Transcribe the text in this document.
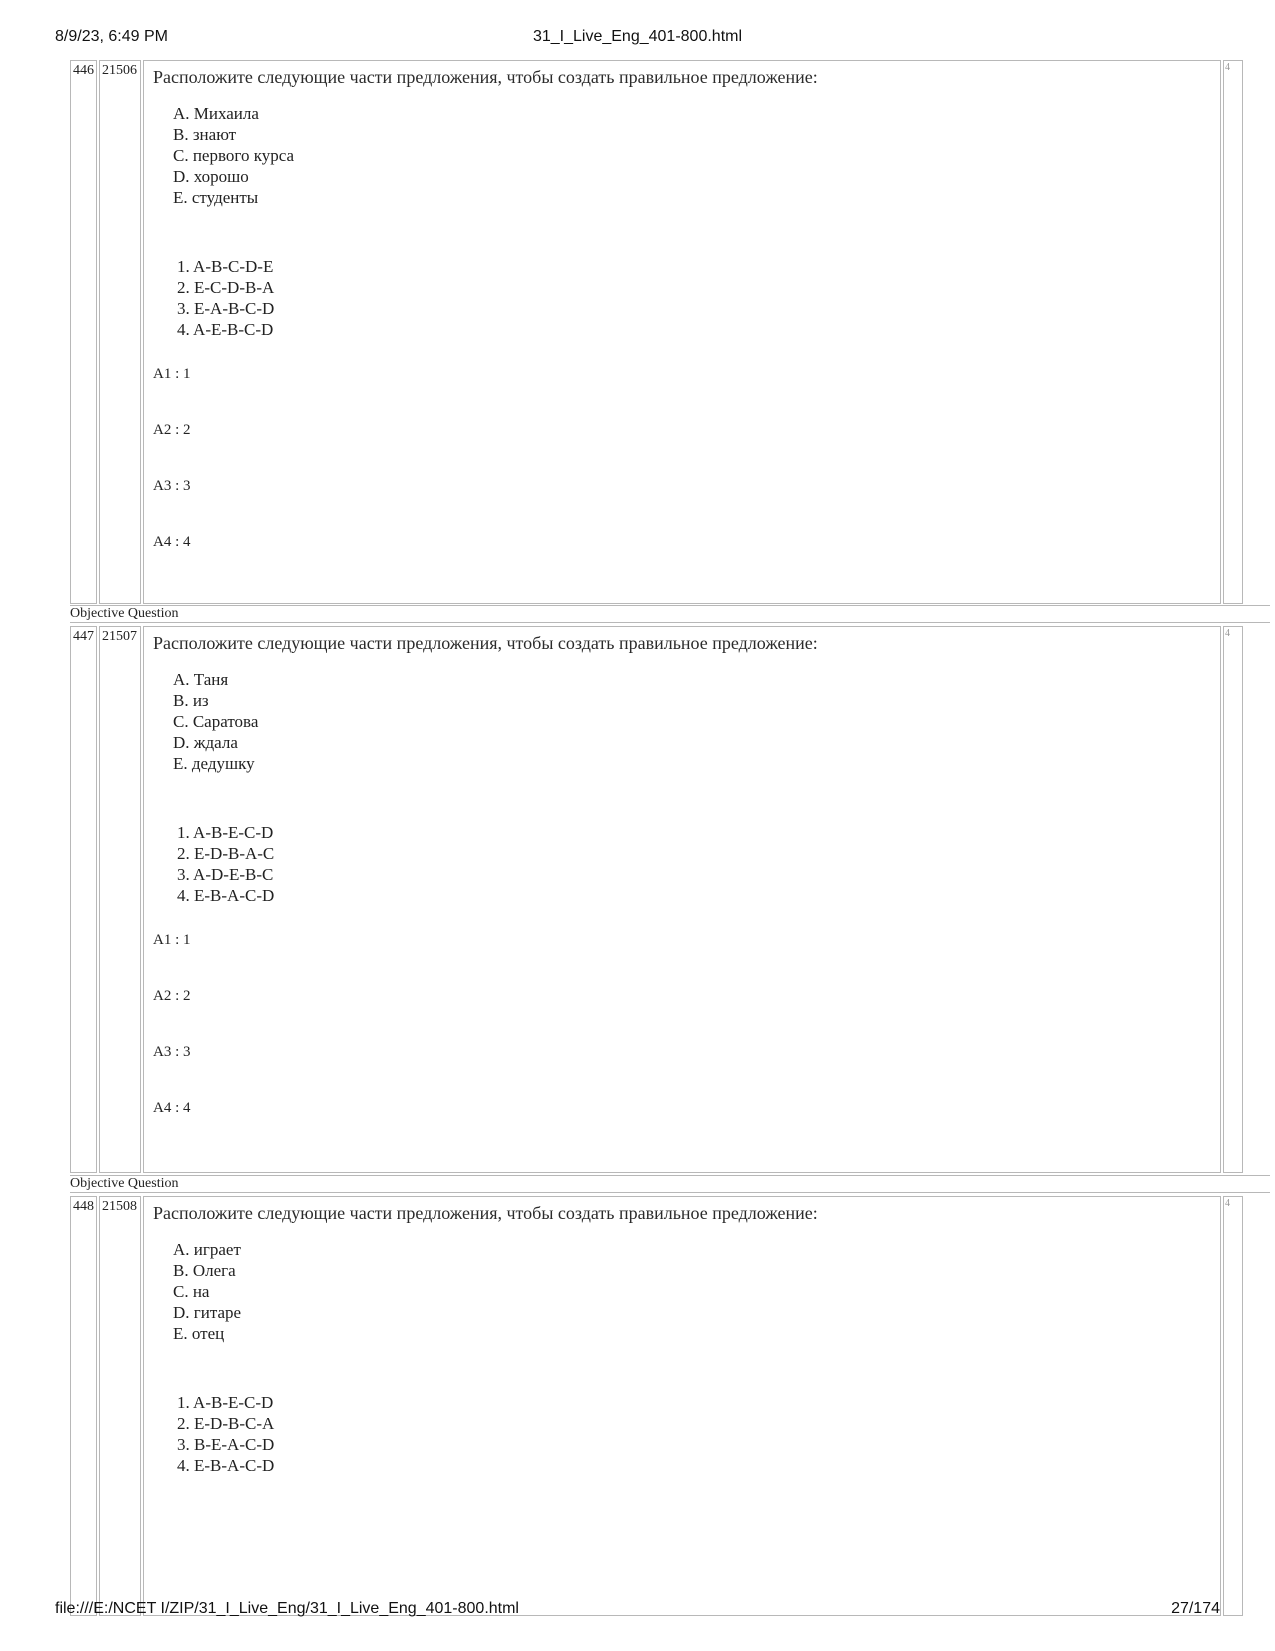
8/9/23, 6:49 PM	31_I_Live_Eng_401-800.html
446 21506 Расположите следующие части предложения, чтобы создать правильное предложение:

A. Михаила
B. знают
C. первого курса
D. хорошо
E. студенты
1. A-B-C-D-E
2. E-C-D-B-A
3. E-A-B-C-D
4. A-E-B-C-D
A1 : 1
A2 : 2
A3 : 3
A4 : 4
4
Objective Question
447 21507 Расположите следующие части предложения, чтобы создать правильное предложение:

A. Таня
B. из
C. Саратова
D. ждала
E. дедушку
1. A-B-E-C-D
2. E-D-B-A-C
3. A-D-E-B-C
4. E-B-A-C-D
A1 : 1
A2 : 2
A3 : 3
A4 : 4
4
Objective Question
448 21508 Расположите следующие части предложения, чтобы создать правильное предложение:

A. играет
B. Олега
C. на
D. гитаре
E. отец
1. A-B-E-C-D
2. E-D-B-C-A
3. B-E-A-C-D
4. E-B-A-C-D
4
file:///E:/NCET I/ZIP/31_I_Live_Eng/31_I_Live_Eng_401-800.html	27/174
